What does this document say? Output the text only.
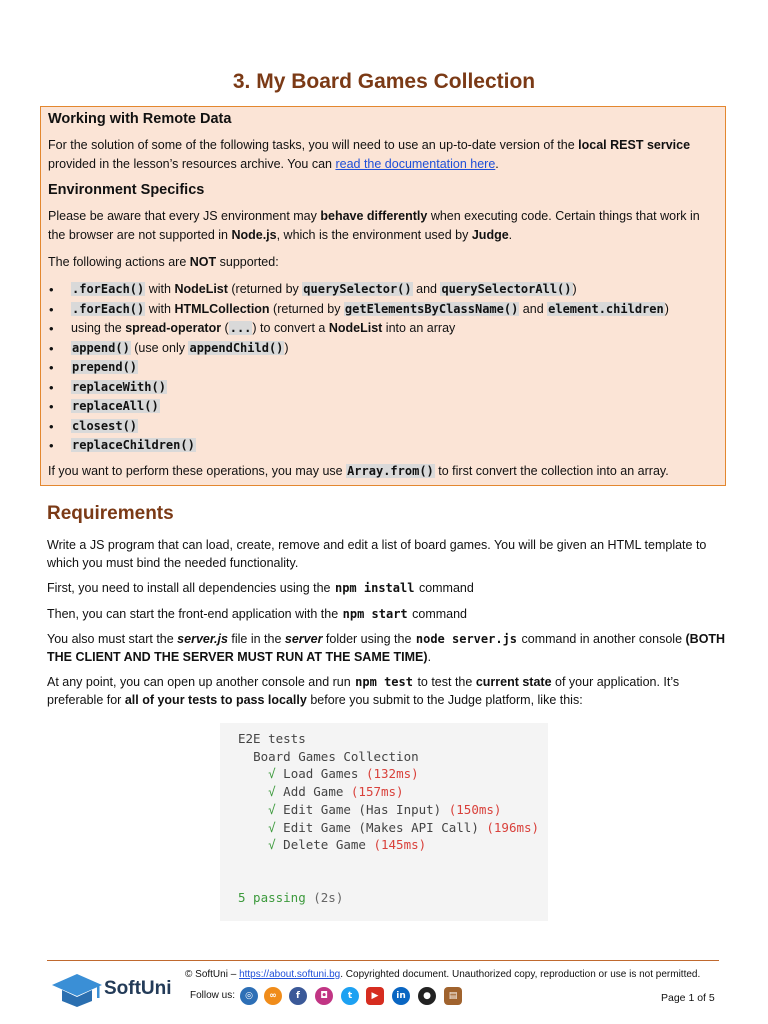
3. My Board Games Collection
Working with Remote Data

For the solution of some of the following tasks, you will need to use an up-to-date version of the local REST service provided in the lesson’s resources archive. You can read the documentation here.

Environment Specifics

Please be aware that every JS environment may behave differently when executing code. Certain things that work in the browser are not supported in Node.js, which is the environment used by Judge.

The following actions are NOT supported:

• .forEach() with NodeList (returned by querySelector() and querySelectorAll())
• .forEach() with HTMLCollection (returned by getElementsByClassName() and element.children)
• using the spread-operator (...) to convert a NodeList into an array
• append() (use only appendChild())
• prepend()
• replaceWith()
• replaceAll()
• closest()
• replaceChildren()

If you want to perform these operations, you may use Array.from() to first convert the collection into an array.

Requirements

Write a JS program that can load, create, remove and edit a list of board games. You will be given an HTML template to which you must bind the needed functionality.

First, you need to install all dependencies using the npm install command

Then, you can start the front-end application with the npm start command

You also must start the server.js file in the server folder using the node server.js command in another console (BOTH THE CLIENT AND THE SERVER MUST RUN AT THE SAME TIME).

At any point, you can open up another console and run npm test to test the current state of your application. It’s preferable for all of your tests to pass locally before you submit to the Judge platform, like this:

E2E tests
Board Games Collection
√ Load Games (132ms)
√ Add Game (157ms)
√ Edit Game (Has Input) (150ms)
√ Edit Game (Makes API Call) (196ms)
√ Delete Game (145ms)

5 passing (2s)
SoftUni
© SoftUni – https://about.softuni.bg. Copyrighted document. Unauthorized copy, reproduction or use is not permitted.
Follow us:	◎	∞	f	◘	t	▶	in	●	▤	Page 1 of 5
